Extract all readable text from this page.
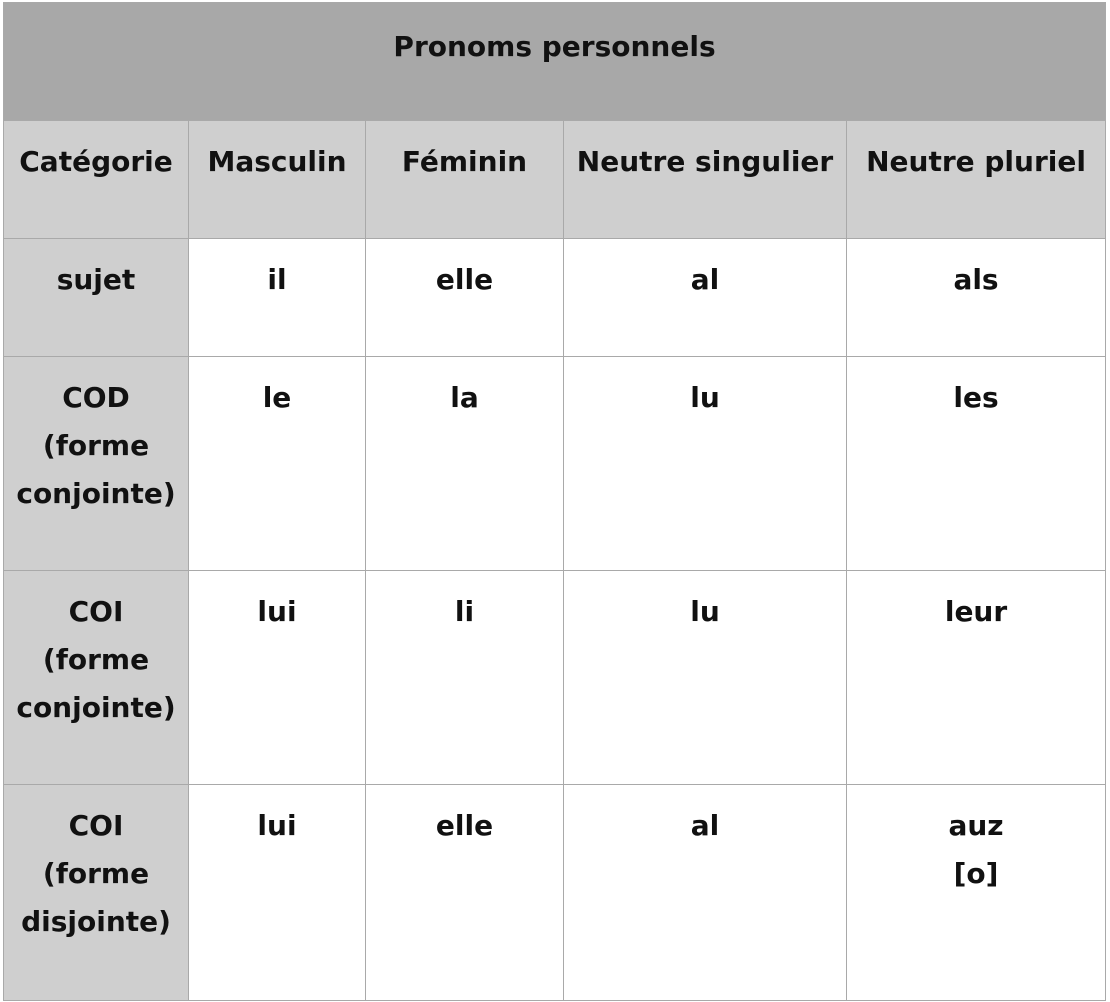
Pronoms personnels				
Catégorie	Masculin	Féminin	Neutre singulier	Neutre pluriel

sujet	il	elle	al	als

COD
(forme
conjointe)	le	la	lu	les

COI
(forme
conjointe)	lui	li	lu	leur

COI
(forme
disjointe)	lui	elle	al	auz
[o]
